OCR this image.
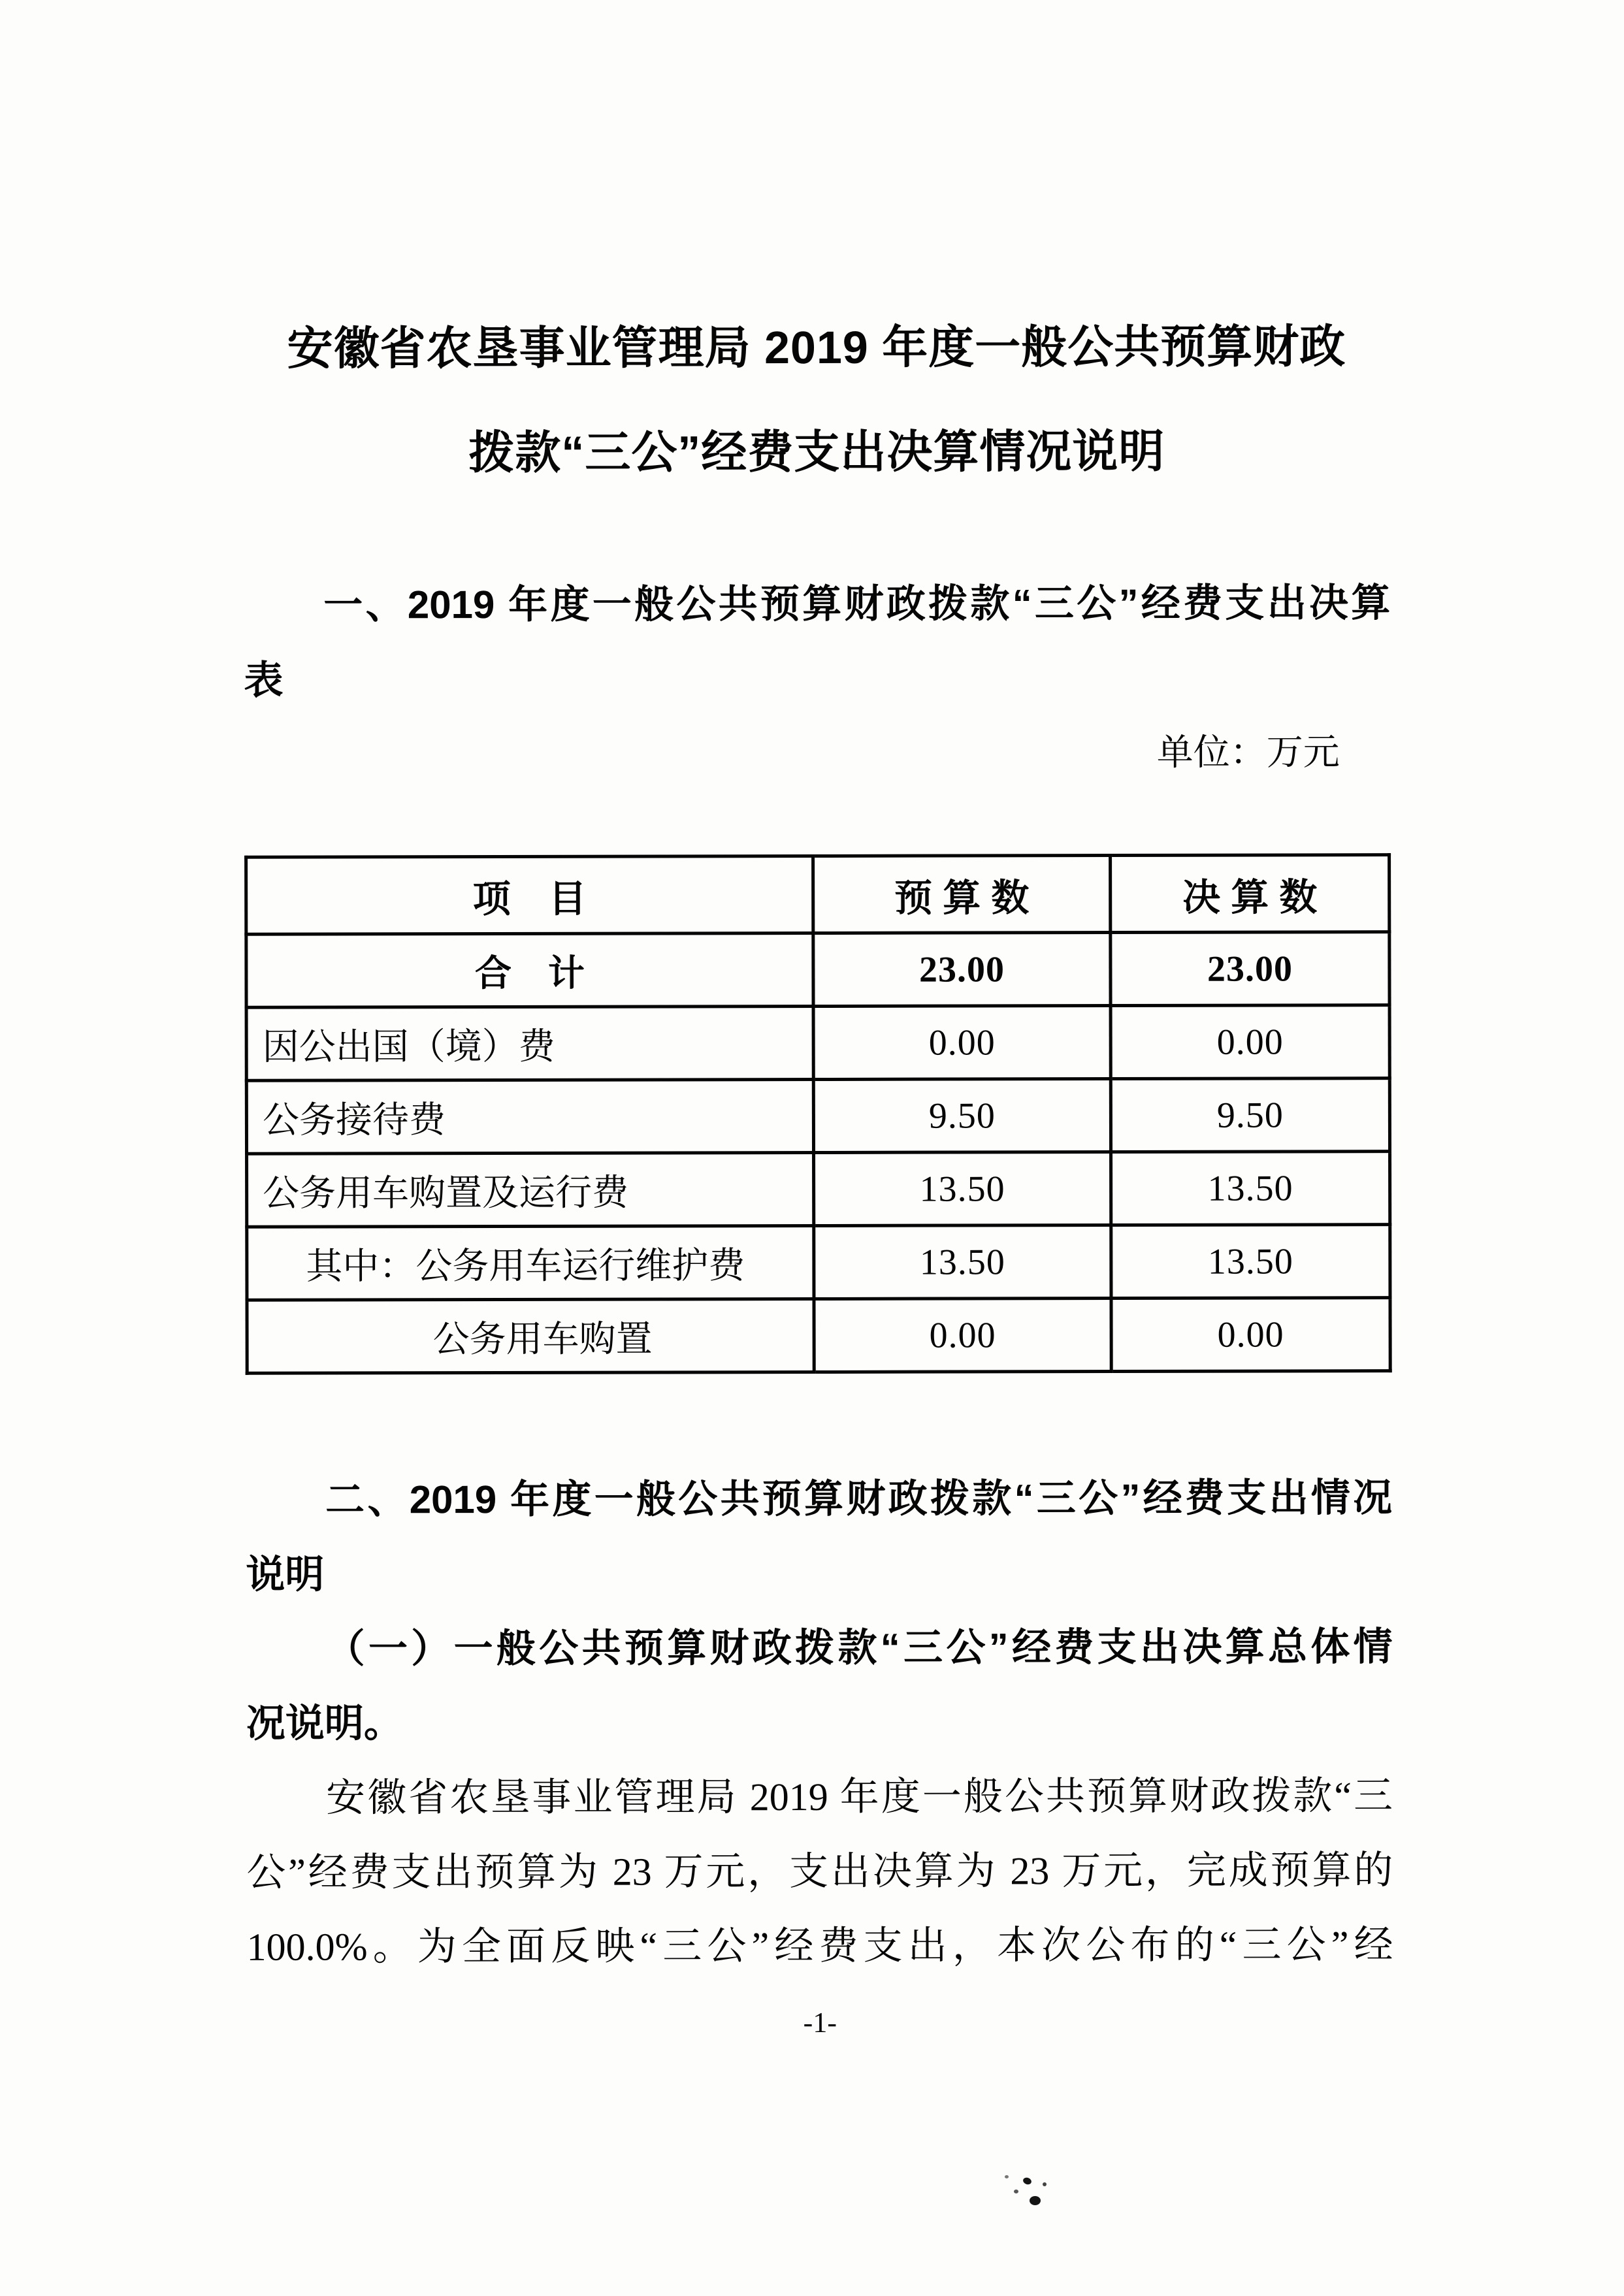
安徽省农垦事业管理局 2019 年度一般公共预算财政
拨款“三公”经费支出决算情况说明
一、2019 年度一般公共预算财政拨款“三公”经费支出决算
表
单位：万元
项　目	预 算 数	决 算 数
合　计	23.00	23.00
因公出国（境）费	0.00	0.00
公务接待费	9.50	9.50
公务用车购置及运行费	13.50	13.50
其中：公务用车运行维护费	13.50	13.50
公务用车购置	0.00	0.00
二、2019 年度一般公共预算财政拨款“三公”经费支出情况
说明
（一）一般公共预算财政拨款“三公”经费支出决算总体情
况说明。
安徽省农垦事业管理局 2019 年度一般公共预算财政拨款“三
公”经费支出预算为 23 万元，支出决算为 23 万元，完成预算的
100.0%。为全面反映“三公”经费支出，本次公布的“三公”经
-1-
